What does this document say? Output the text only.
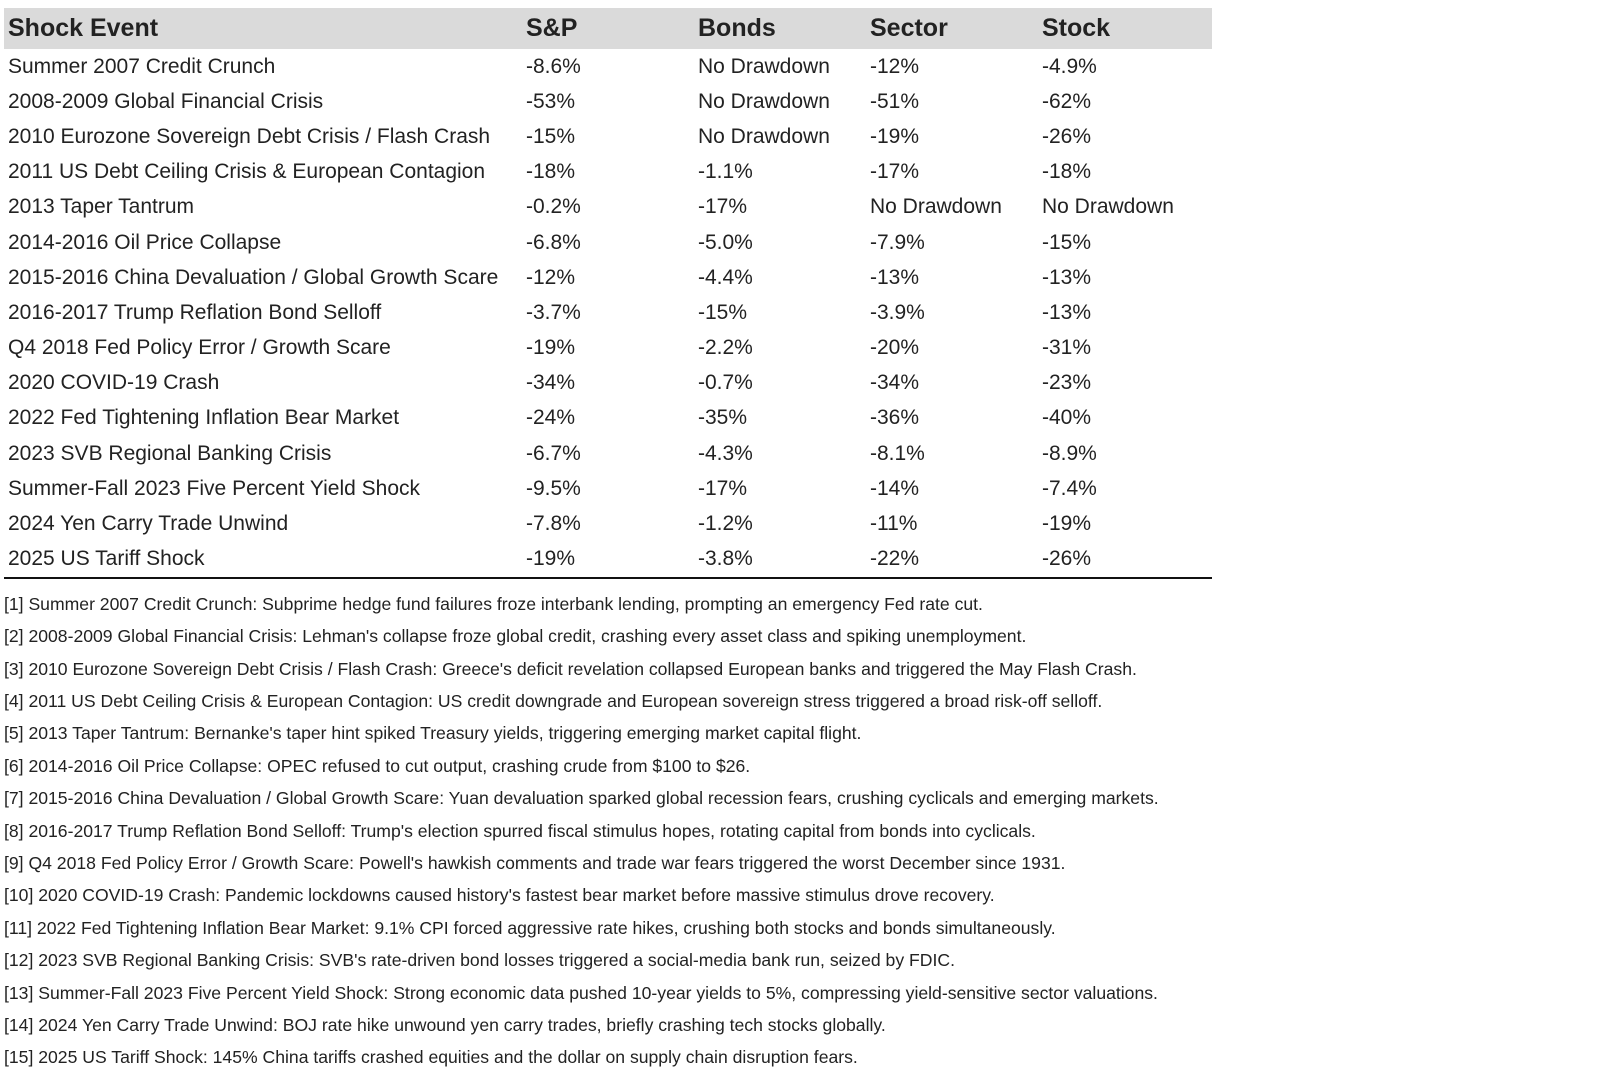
Shock Event	S&P	Bonds	Sector	Stock
Summer 2007 Credit Crunch	-8.6%	No Drawdown	-12%	-4.9%
2008-2009 Global Financial Crisis	-53%	No Drawdown	-51%	-62%
2010 Eurozone Sovereign Debt Crisis / Flash Crash	-15%	No Drawdown	-19%	-26%
2011 US Debt Ceiling Crisis & European Contagion	-18%	-1.1%	-17%	-18%
2013 Taper Tantrum	-0.2%	-17%	No Drawdown	No Drawdown
2014-2016 Oil Price Collapse	-6.8%	-5.0%	-7.9%	-15%
2015-2016 China Devaluation / Global Growth Scare	-12%	-4.4%	-13%	-13%
2016-2017 Trump Reflation Bond Selloff	-3.7%	-15%	-3.9%	-13%
Q4 2018 Fed Policy Error / Growth Scare	-19%	-2.2%	-20%	-31%
2020 COVID-19 Crash	-34%	-0.7%	-34%	-23%
2022 Fed Tightening Inflation Bear Market	-24%	-35%	-36%	-40%
2023 SVB Regional Banking Crisis	-6.7%	-4.3%	-8.1%	-8.9%
Summer-Fall 2023 Five Percent Yield Shock	-9.5%	-17%	-14%	-7.4%
2024 Yen Carry Trade Unwind	-7.8%	-1.2%	-11%	-19%
2025 US Tariff Shock	-19%	-3.8%	-22%	-26%
[1] Summer 2007 Credit Crunch: Subprime hedge fund failures froze interbank lending, prompting an emergency Fed rate cut.
[2] 2008-2009 Global Financial Crisis: Lehman's collapse froze global credit, crashing every asset class and spiking unemployment.
[3] 2010 Eurozone Sovereign Debt Crisis / Flash Crash: Greece's deficit revelation collapsed European banks and triggered the May Flash Crash.
[4] 2011 US Debt Ceiling Crisis & European Contagion: US credit downgrade and European sovereign stress triggered a broad risk-off selloff.
[5] 2013 Taper Tantrum: Bernanke's taper hint spiked Treasury yields, triggering emerging market capital flight.
[6] 2014-2016 Oil Price Collapse: OPEC refused to cut output, crashing crude from $100 to $26.
[7] 2015-2016 China Devaluation / Global Growth Scare: Yuan devaluation sparked global recession fears, crushing cyclicals and emerging markets.
[8] 2016-2017 Trump Reflation Bond Selloff: Trump's election spurred fiscal stimulus hopes, rotating capital from bonds into cyclicals.
[9] Q4 2018 Fed Policy Error / Growth Scare: Powell's hawkish comments and trade war fears triggered the worst December since 1931.
[10] 2020 COVID-19 Crash: Pandemic lockdowns caused history's fastest bear market before massive stimulus drove recovery.
[11] 2022 Fed Tightening Inflation Bear Market: 9.1% CPI forced aggressive rate hikes, crushing both stocks and bonds simultaneously.
[12] 2023 SVB Regional Banking Crisis: SVB's rate-driven bond losses triggered a social-media bank run, seized by FDIC.
[13] Summer-Fall 2023 Five Percent Yield Shock: Strong economic data pushed 10-year yields to 5%, compressing yield-sensitive sector valuations.
[14] 2024 Yen Carry Trade Unwind: BOJ rate hike unwound yen carry trades, briefly crashing tech stocks globally.
[15] 2025 US Tariff Shock: 145% China tariffs crashed equities and the dollar on supply chain disruption fears.
